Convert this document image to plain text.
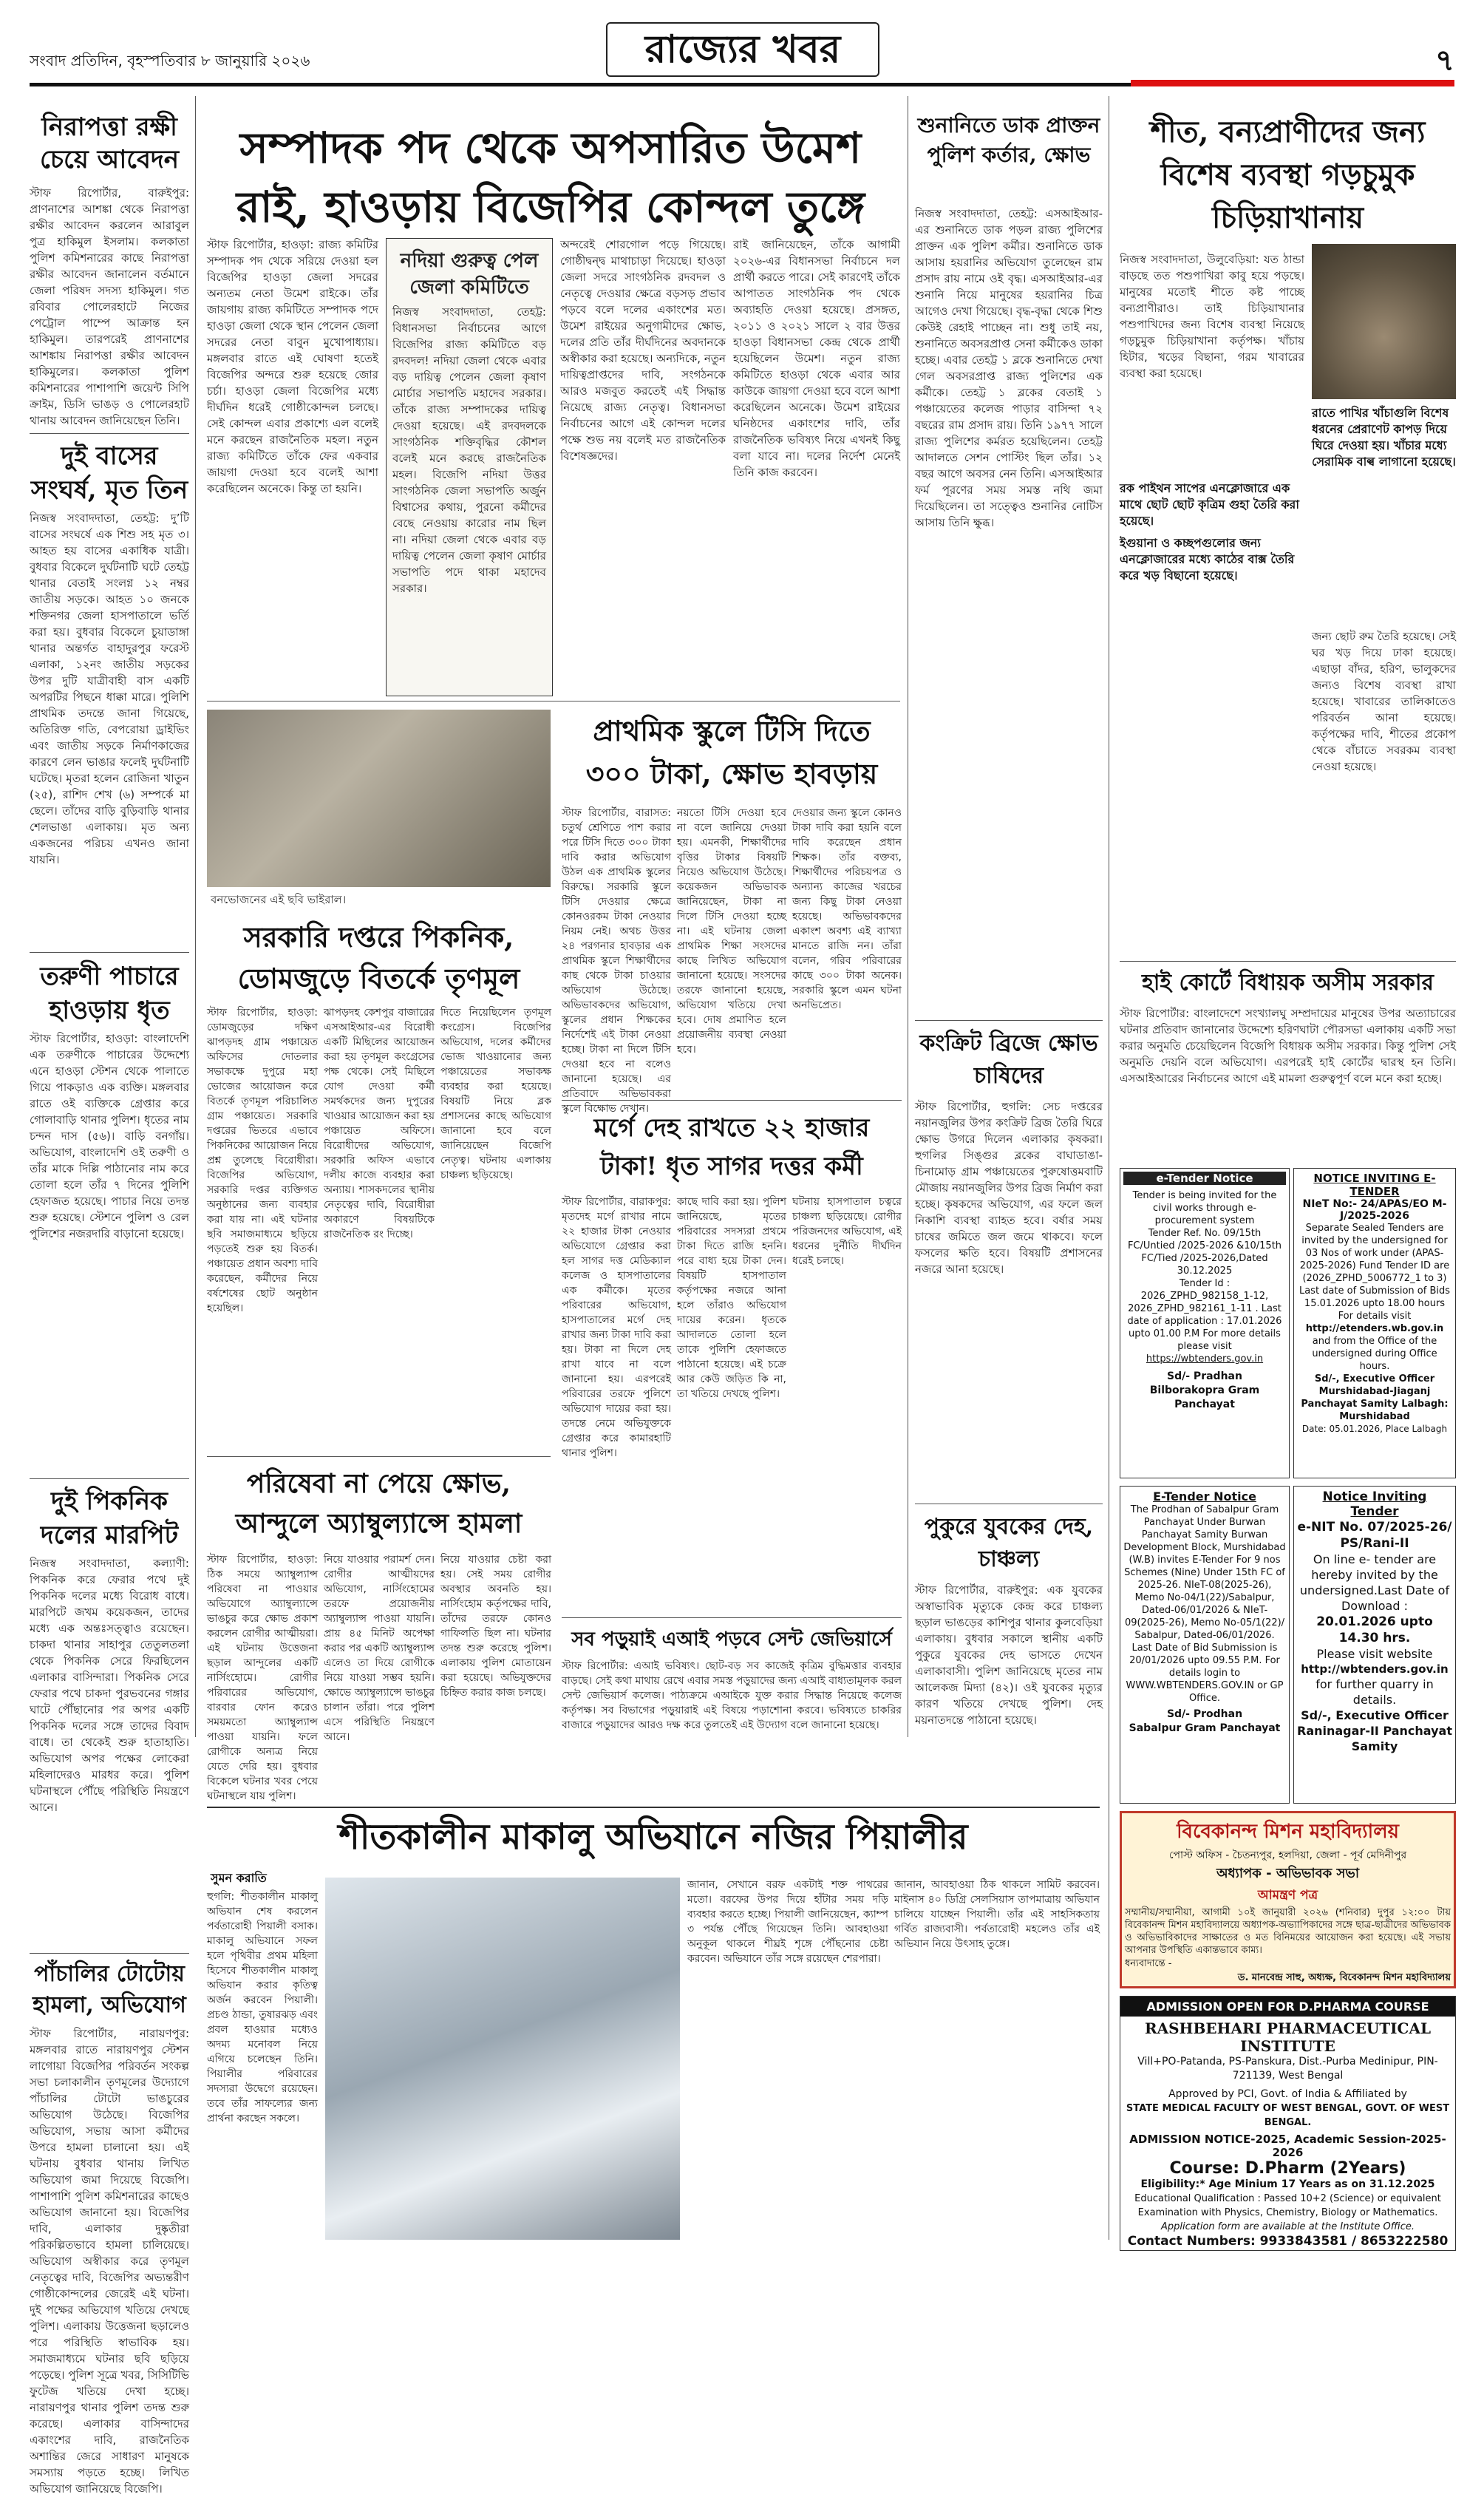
সংবাদ প্রতিদিন, বৃহস্পতিবার ৮ জানুয়ারি ২০২৬	রাজ্যের খবর	৭
নিরাপত্তা রক্ষী চেয়ে আবেদন
স্টাফ রিপোর্টার, বারুইপুর: প্রাণনাশের আশঙ্কা থেকে নিরাপত্তা রক্ষীর আবেদন করলেন আরাবুল পুত্র হাকিমুল ইসলাম। কলকাতা পুলিশ কমিশনারের কাছে নিরাপত্তা রক্ষীর আবেদন জানালেন বর্তমানে জেলা পরিষদ সদস্য হাকিমুল। গত রবিবার পোলেরহাটে নিজের পেট্রোল পাম্পে আক্রান্ত হন হাকিমুল। তারপরেই প্রাণনাশের আশঙ্কায় নিরাপত্তা রক্ষীর আবেদন হাকিমুলের। কলকাতা পুলিশ কমিশনারের পাশাপাশি জয়েন্ট সিপি ক্রাইম, ডিসি ভাঙড় ও পোলেরহাট থানায় আবেদন জানিয়েছেন তিনি।
দুই বাসের সংঘর্ষ, মৃত তিন
নিজস্ব সংবাদদাতা, তেহট্ট: দু’টি বাসের সংঘর্ষে এক শিশু সহ মৃত ৩। আহত হয় বাসের একাধিক যাত্রী। বুধবার বিকেলে দুর্ঘটনাটি ঘটে তেহট্ট থানার বেতাই সংলগ্ন ১২ নম্বর জাতীয় সড়কে। আহত ১০ জনকে শক্তিনগর জেলা হাসপাতালে ভর্তি করা হয়। বুধবার বিকেলে চুয়াডাঙ্গা থানার অন্তর্গত বাহাদুরপুর ফরেস্ট এলাকা, ১২নং জাতীয় সড়কের উপর দুটি যাত্রীবাহী বাস একটি অপরটির পিছনে ধাক্কা মারে। পুলিশি প্রাথমিক তদন্তে জানা গিয়েছে, অতিরিক্ত গতি, বেপরোয়া ড্রাইভিং এবং জাতীয় সড়কে নির্মাণকাজের কারণে লেন ভাঙার ফলেই দুর্ঘটনাটি ঘটেছে। মৃতরা হলেন রোজিনা খাতুন (২৫), রাশিদ শেখ (৬) সম্পর্কে মা ছেলে। তাঁদের বাড়ি বুড়িবাড়ি থানার শেলভাঙা এলাকায়। মৃত অন্য একজনের পরিচয় এখনও জানা যায়নি।
তরুণী পাচারে হাওড়ায় ধৃত
স্টাফ রিপোর্টার, হাওড়া: বাংলাদেশি এক তরুণীকে পাচারের উদ্দেশ্যে এনে হাওড়া স্টেশন থেকে পালাতে গিয়ে পাকড়াও এক ব্যক্তি। মঙ্গলবার রাতে ওই ব্যক্তিকে গ্রেপ্তার করে গোলাবাড়ি থানার পুলিশ। ধৃতের নাম চন্দন দাস (৫৬)। বাড়ি বনগাঁয়। অভিযোগ, বাংলাদেশি ওই তরুণী ও তাঁর মাকে দিল্লি পাঠানোর নাম করে তোলা হলে তাঁর ৭ দিনের পুলিশি হেফাজত হয়েছে। পাচার নিয়ে তদন্ত শুরু হয়েছে। স্টেশনে পুলিশ ও রেল পুলিশের নজরদারি বাড়ানো হয়েছে।
দুই পিকনিক দলের মারপিট
নিজস্ব সংবাদদাতা, কল্যাণী: পিকনিক করে ফেরার পথে দুই পিকনিক দলের মধ্যে বিরোধ বাধে। মারপিটে জখম কয়েকজন, তাদের মধ্যে এক অন্তঃসত্ত্বাও রয়েছেন। চাকদা থানার সাহাপুর তেতুলতলা থেকে পিকনিক সেরে ফিরছিলেন এলাকার বাসিন্দারা। পিকনিক সেরে ফেরার পথে চাকদা পুরভবনের গঙ্গার ঘাটে পৌঁছানোর পর অপর একটি পিকনিক দলের সঙ্গে তাদের বিবাদ বাধে। তা থেকেই শুরু হাতাহাতি। অভিযোগ অপর পক্ষের লোকেরা মহিলাদেরও মারধর করে। পুলিশ ঘটনাস্থলে পৌঁছে পরিস্থিতি নিয়ন্ত্রণে আনে।
পাঁচালির টোটোয় হামলা, অভিযোগ
স্টাফ রিপোর্টার, নারায়ণপুর: মঙ্গলবার রাতে নারায়ণপুর স্টেশন লাগোয়া বিজেপির পরিবর্তন সংকল্প সভা চলাকালীন তৃণমূলের উদ্যোগে পাঁচালির টোটো ভাঙচুরের অভিযোগ উঠেছে। বিজেপির অভিযোগ, সভায় আসা কর্মীদের উপরে হামলা চালানো হয়। এই ঘটনায় বুধবার থানায় লিখিত অভিযোগ জমা দিয়েছে বিজেপি। পাশাপাশি পুলিশ কমিশনারের কাছেও অভিযোগ জানানো হয়। বিজেপির দাবি, এলাকার দুষ্কৃতীরা পরিকল্পিতভাবে হামলা চালিয়েছে। অভিযোগ অস্বীকার করে তৃণমূল নেতৃত্বের দাবি, বিজেপির অভ্যন্তরীণ গোষ্ঠীকোন্দলের জেরেই এই ঘটনা। দুই পক্ষের অভিযোগ খতিয়ে দেখছে পুলিশ। এলাকায় উত্তেজনা ছড়ালেও পরে পরিস্থিতি স্বাভাবিক হয়। সমাজমাধ্যমে ঘটনার ছবি ছড়িয়ে পড়েছে। পুলিশ সূত্রে খবর, সিসিটিভি ফুটেজ খতিয়ে দেখা হচ্ছে। নারায়ণপুর থানার পুলিশ তদন্ত শুরু করেছে। এলাকার বাসিন্দাদের একাংশের দাবি, রাজনৈতিক অশান্তির জেরে সাধারণ মানুষকে সমস্যায় পড়তে হচ্ছে। লিখিত অভিযোগ জানিয়েছে বিজেপি।
সম্পাদক পদ থেকে অপসারিত উমেশ রাই, হাওড়ায় বিজেপির কোন্দল তুঙ্গে
স্টাফ রিপোর্টার, হাওড়া: রাজ্য কমিটির সম্পাদক পদ থেকে সরিয়ে দেওয়া হল বিজেপির হাওড়া জেলা সদরের অন্যতম নেতা উমেশ রাইকে। তাঁর জায়গায় রাজ্য কমিটিতে সম্পাদক পদে হাওড়া জেলা থেকে স্থান পেলেন জেলা সদরের নেতা বাবুন মুখোপাধ্যায়। মঙ্গলবার রাতে এই ঘোষণা হতেই বিজেপির অন্দরে শুরু হয়েছে জোর চর্চা। হাওড়া জেলা বিজেপির মধ্যে দীর্ঘদিন ধরেই গোষ্ঠীকোন্দল চলছে। সেই কোন্দল এবার প্রকাশ্যে এল বলেই মনে করছেন রাজনৈতিক মহল। নতুন রাজ্য কমিটিতে তাঁকে ফের একবার জায়গা দেওয়া হবে বলেই আশা করেছিলেন অনেকে। কিন্তু তা হয়নি।
নদিয়া গুরুত্ব পেল জেলা কমিটিতে
নিজস্ব সংবাদদাতা, তেহট্ট: বিধানসভা নির্বাচনের আগে বিজেপির রাজ্য কমিটিতে বড় রদবদল! নদিয়া জেলা থেকে এবার বড় দায়িত্ব পেলেন জেলা কৃষাণ মোর্চার সভাপতি মহাদেব সরকার। তাঁকে রাজ্য সম্পাদকের দায়িত্ব দেওয়া হয়েছে। এই রদবদলকে সাংগঠনিক শক্তিবৃদ্ধির কৌশল বলেই মনে করছে রাজনৈতিক মহল। বিজেপি নদিয়া উত্তর সাংগঠনিক জেলা সভাপতি অর্জুন বিশ্বাসের কথায়, পুরনো কর্মীদের বেছে নেওয়ায় কারোর নাম ছিল না। নদিয়া জেলা থেকে এবার বড় দায়িত্ব পেলেন জেলা কৃষাণ মোর্চার সভাপতি পদে থাকা মহাদেব সরকার।
অন্দরেই শোরগোল পড়ে গিয়েছে। গোষ্ঠীদ্বন্দ্ব মাথাচাড়া দিয়েছে। হাওড়া জেলা সদরে সাংগঠনিক রদবদল ও নেতৃত্বে দেওয়ার ক্ষেত্রে বড়সড় প্রভাব পড়বে বলে দলের একাংশের মত। উমেশ রাইয়ের অনুগামীদের ক্ষোভ, দলের প্রতি তাঁর দীর্ঘদিনের অবদানকে অস্বীকার করা হয়েছে। অন্যদিকে, নতুন দায়িত্বপ্রাপ্তদের দাবি, সংগঠনকে আরও মজবুত করতেই এই সিদ্ধান্ত নিয়েছে রাজ্য নেতৃত্ব। বিধানসভা নির্বাচনের আগে এই কোন্দল দলের পক্ষে শুভ নয় বলেই মত রাজনৈতিক বিশেষজ্ঞদের।
রাই জানিয়েছেন, তাঁকে আগামী ২০২৬-এর বিধানসভা নির্বাচনে দল প্রার্থী করতে পারে। সেই কারণেই তাঁকে আপাতত সাংগঠনিক পদ থেকে অব্যাহতি দেওয়া হয়েছে। প্রসঙ্গত, ২০১১ ও ২০২১ সালে ২ বার উত্তর হাওড়া বিধানসভা কেন্দ্র থেকে প্রার্থী হয়েছিলেন উমেশ। নতুন রাজ্য কমিটিতে হাওড়া থেকে এবার আর কাউকে জায়গা দেওয়া হবে বলে আশা করেছিলেন অনেকে। উমেশ রাইয়ের ঘনিষ্ঠদের একাংশের দাবি, তাঁর রাজনৈতিক ভবিষ্যৎ নিয়ে এখনই কিছু বলা যাবে না। দলের নির্দেশ মেনেই তিনি কাজ করবেন।
বনভোজনের এই ছবি ভাইরাল।
প্রাথমিক স্কুলে টিসি দিতে ৩০০ টাকা, ক্ষোভ হাবড়ায়
স্টাফ রিপোর্টার, বারাসত: চতুর্থ শ্রেণিতে পাশ করার পরে টিসি দিতে ৩০০ টাকা দাবি করার অভিযোগ উঠল এক প্রাথমিক স্কুলের বিরুদ্ধে। সরকারি স্কুলে টিসি দেওয়ার ক্ষেত্রে কোনওরকম টাকা নেওয়ার নিয়ম নেই। অথচ উত্তর ২৪ পরগনার হাবড়ার এক প্রাথমিক স্কুলে শিক্ষার্থীদের কাছ থেকে টাকা চাওয়ার অভিযোগ উঠেছে। অভিভাবকদের অভিযোগ, স্কুলের প্রধান শিক্ষকের নির্দেশেই এই টাকা নেওয়া হচ্ছে। টাকা না দিলে টিসি দেওয়া হবে না বলেও জানানো হয়েছে। এর প্রতিবাদে অভিভাবকরা স্কুলে বিক্ষোভ দেখান।
নয়তো টিসি দেওয়া হবে না বলে জানিয়ে দেওয়া হয়। এমনকী, শিক্ষার্থীদের বৃত্তির টাকার বিষয়টি নিয়েও অভিযোগ উঠেছে। কয়েকজন অভিভাবক জানিয়েছেন, টাকা না দিলে টিসি দেওয়া হচ্ছে না। এই ঘটনায় জেলা প্রাথমিক শিক্ষা সংসদের কাছে লিখিত অভিযোগ জানানো হয়েছে। সংসদের তরফে জানানো হয়েছে, অভিযোগ খতিয়ে দেখা হবে। দোষ প্রমাণিত হলে প্রয়োজনীয় ব্যবস্থা নেওয়া হবে।
দেওয়ার জন্য স্কুলে কোনও টাকা দাবি করা হয়নি বলে দাবি করেছেন প্রধান শিক্ষক। তাঁর বক্তব্য, শিক্ষার্থীদের পরিচয়পত্র ও অন্যান্য কাজের খরচের জন্য কিছু টাকা নেওয়া হয়েছে। অভিভাবকদের একাংশ অবশ্য এই ব্যাখ্যা মানতে রাজি নন। তাঁরা বলেন, গরিব পরিবারের কাছে ৩০০ টাকা অনেক। সরকারি স্কুলে এমন ঘটনা অনভিপ্রেত।
সরকারি দপ্তরে পিকনিক, ডোমজুড়ে বিতর্কে তৃণমূল
স্টাফ রিপোর্টার, হাওড়া: ডোমজুড়ের দক্ষিণ ঝাপড়দহ গ্রাম পঞ্চায়েত অফিসের দোতলার সভাকক্ষে দুপুরে মহা ভোজের আয়োজন করে বিতর্কে তৃণমূল পরিচালিত গ্রাম পঞ্চায়েত। সরকারি দপ্তরের ভিতরে এভাবে পিকনিকের আয়োজন নিয়ে প্রশ্ন তুলেছে বিরোধীরা। বিজেপির অভিযোগ, সরকারি দপ্তর ব্যক্তিগত অনুষ্ঠানের জন্য ব্যবহার করা যায় না। এই ঘটনার ছবি সমাজমাধ্যমে ছড়িয়ে পড়তেই শুরু হয় বিতর্ক। পঞ্চায়েত প্রধান অবশ্য দাবি করেছেন, কর্মীদের নিয়ে বর্ষশেষের ছোট অনুষ্ঠান হয়েছিল।
ঝাপড়দহ কেশপুর বাজারের এসআইআর-এর বিরোধী একটি মিছিলের আয়োজন করা হয় তৃণমূল কংগ্রেসের পক্ষ থেকে। সেই মিছিলে যোগ দেওয়া কর্মী সমর্থকদের জন্য দুপুরের খাওয়ার আয়োজন করা হয় পঞ্চায়েত অফিসে। বিরোধীদের অভিযোগ, সরকারি অফিস এভাবে দলীয় কাজে ব্যবহার করা অন্যায়। শাসকদলের স্থানীয় নেতৃত্বের দাবি, বিরোধীরা অকারণে বিষয়টিকে রাজনৈতিক রং দিচ্ছে।
দিতে নিয়েছিলেন তৃণমূল কংগ্রেস। বিজেপির অভিযোগ, দলের কর্মীদের ভোজ খাওয়ানোর জন্য পঞ্চায়েতের সভাকক্ষ ব্যবহার করা হয়েছে। বিষয়টি নিয়ে ব্লক প্রশাসনের কাছে অভিযোগ জানানো হবে বলে জানিয়েছেন বিজেপি নেতৃত্ব। ঘটনায় এলাকায় চাঞ্চল্য ছড়িয়েছে।
মর্গে দেহ রাখতে ২২ হাজার টাকা! ধৃত সাগর দত্তর কর্মী
স্টাফ রিপোর্টার, বারাকপুর: মৃতদেহ মর্গে রাখার নামে ২২ হাজার টাকা নেওয়ার অভিযোগে গ্রেপ্তার করা হল সাগর দত্ত মেডিক্যাল কলেজ ও হাসপাতালের এক কর্মীকে। মৃতের পরিবারের অভিযোগ, হাসপাতালের মর্গে দেহ রাখার জন্য টাকা দাবি করা হয়। টাকা না দিলে দেহ রাখা যাবে না বলে জানানো হয়। এরপরেই পরিবারের তরফে পুলিশে অভিযোগ দায়ের করা হয়। তদন্তে নেমে অভিযুক্তকে গ্রেপ্তার করে কামারহাটি থানার পুলিশ।
কাছে দাবি করা হয়। পুলিশ জানিয়েছে, মৃতের পরিবারের সদস্যরা প্রথমে টাকা দিতে রাজি হননি। পরে বাধ্য হয়ে টাকা দেন। বিষয়টি হাসপাতাল কর্তৃপক্ষের নজরে আনা হলে তাঁরাও অভিযোগ দায়ের করেন। ধৃতকে আদালতে তোলা হলে তাকে পুলিশি হেফাজতে পাঠানো হয়েছে। এই চক্রে আর কেউ জড়িত কি না, তা খতিয়ে দেখছে পুলিশ।
ঘটনায় হাসপাতাল চত্বরে চাঞ্চল্য ছড়িয়েছে। রোগীর পরিজনদের অভিযোগ, এই ধরনের দুর্নীতি দীর্ঘদিন ধরেই চলছে।
পরিষেবা না পেয়ে ক্ষোভ, আন্দুলে অ্যাম্বুল্যান্সে হামলা
স্টাফ রিপোর্টার, হাওড়া: ঠিক সময়ে অ্যাম্বুল্যান্স পরিষেবা না পাওয়ার অভিযোগে অ্যাম্বুল্যান্সে ভাঙচুর করে ক্ষোভ প্রকাশ করলেন রোগীর আত্মীয়রা। এই ঘটনায় উত্তেজনা ছড়াল আন্দুলের একটি নার্সিংহোমে। রোগীর পরিবারের অভিযোগ, বারবার ফোন করেও সময়মতো অ্যাম্বুল্যান্স পাওয়া যায়নি। ফলে রোগীকে অন্যত্র নিয়ে যেতে দেরি হয়। বুধবার বিকেলে ঘটনার খবর পেয়ে ঘটনাস্থলে যায় পুলিশ।
নিয়ে যাওয়ার পরামর্শ দেন। রোগীর আত্মীয়দের অভিযোগ, নার্সিংহোমের তরফে প্রয়োজনীয় অ্যাম্বুল্যান্স পাওয়া যায়নি। প্রায় ৪৫ মিনিট অপেক্ষা করার পর একটি অ্যাম্বুল্যান্স এলেও তা দিয়ে রোগীকে নিয়ে যাওয়া সম্ভব হয়নি। ক্ষোভে অ্যাম্বুল্যান্সে ভাঙচুর চালান তাঁরা। পরে পুলিশ এসে পরিস্থিতি নিয়ন্ত্রণে আনে।
নিয়ে যাওয়ার চেষ্টা করা হয়। সেই সময় রোগীর অবস্থার অবনতি হয়। নার্সিংহোম কর্তৃপক্ষের দাবি, তাঁদের তরফে কোনও গাফিলতি ছিল না। ঘটনার তদন্ত শুরু করেছে পুলিশ। এলাকায় পুলিশ মোতায়েন করা হয়েছে। অভিযুক্তদের চিহ্নিত করার কাজ চলছে।
সব পড়ুয়াই এআই পড়বে সেন্ট জেভিয়ার্সে
স্টাফ রিপোর্টার: এআই ভবিষ্যৎ। ছোট-বড় সব কাজেই কৃত্রিম বুদ্ধিমত্তার ব্যবহার বাড়ছে। সেই কথা মাথায় রেখে এবার সমস্ত পড়ুয়াদের জন্য এআই বাধ্যতামূলক করল সেন্ট জেভিয়ার্স কলেজ। পাঠ্যক্রমে এআইকে যুক্ত করার সিদ্ধান্ত নিয়েছে কলেজ কর্তৃপক্ষ। সব বিভাগের পড়ুয়ারাই এই বিষয়ে পড়াশোনা করবে। ভবিষ্যতে চাকরির বাজারে পড়ুয়াদের আরও দক্ষ করে তুলতেই এই উদ্যোগ বলে জানানো হয়েছে।
শীতকালীন মাকালু অভিযানে নজির পিয়ালীর
সুমন করাতি
হুগলি: শীতকালীন মাকালু অভিযান শেষ করলেন পর্বতারোহী পিয়ালী বসাক। মাকালু অভিযানে সফল হলে পৃথিবীর প্রথম মহিলা হিসেবে শীতকালীন মাকালু অভিযান করার কৃতিত্ব অর্জন করবেন পিয়ালী। প্রচণ্ড ঠান্ডা, তুষারঝড় এবং প্রবল হাওয়ার মধ্যেও অদম্য মনোবল নিয়ে এগিয়ে চলেছেন তিনি। পিয়ালীর পরিবারের সদস্যরা উদ্বেগে রয়েছেন। তবে তাঁর সাফল্যের জন্য প্রার্থনা করছেন সকলে।
জানান, সেখানে বরফ একটাই শক্ত পাথরের মতো। বরফের উপর দিয়ে হাঁটার সময় দড়ি ব্যবহার করতে হচ্ছে। পিয়ালী জানিয়েছেন, ক্যাম্প ৩ পর্যন্ত পৌঁছে গিয়েছেন তিনি। আবহাওয়া অনুকূল থাকলে শীঘ্রই শৃঙ্গে পৌঁছনোর চেষ্টা করবেন। অভিযানে তাঁর সঙ্গে রয়েছেন শেরপারা।
জানান, আবহাওয়া ঠিক থাকলে সামিট করবেন। মাইনাস ৪০ ডিগ্রি সেলসিয়াস তাপমাত্রায় অভিযান চালিয়ে যাচ্ছেন পিয়ালী। তাঁর এই সাহসিকতায় গর্বিত রাজ্যবাসী। পর্বতারোহী মহলেও তাঁর এই অভিযান নিয়ে উৎসাহ তুঙ্গে।
শুনানিতে ডাক প্রাক্তন পুলিশ কর্তার, ক্ষোভ
নিজস্ব সংবাদদাতা, তেহট্ট: এসআইআর-এর শুনানিতে ডাক পড়ল রাজ্য পুলিশের প্রাক্তন এক পুলিশ কর্মীর। শুনানিতে ডাক আসায় হয়রানির অভিযোগ তুলেছেন রাম প্রসাদ রায় নামে ওই বৃদ্ধ। এসআইআর-এর শুনানি নিয়ে মানুষের হয়রানির চিত্র আগেও দেখা গিয়েছে। বৃদ্ধ-বৃদ্ধা থেকে শিশু কেউই রেহাই পাচ্ছেন না। শুধু তাই নয়, শুনানিতে অবসরপ্রাপ্ত সেনা কর্মীকেও ডাকা হচ্ছে। এবার তেহট্ট ১ ব্লকে শুনানিতে দেখা গেল অবসরপ্রাপ্ত রাজ্য পুলিশের এক কর্মীকে। তেহট্ট ১ ব্লকের বেতাই ১ পঞ্চায়েতের কলেজ পাড়ার বাসিন্দা ৭২ বছরের রাম প্রসাদ রায়। তিনি ১৯৭৭ সালে রাজ্য পুলিশের কর্মরত হয়েছিলেন। তেহট্ট আদালতে সেশন পোস্টিং ছিল তাঁর। ১২ বছর আগে অবসর নেন তিনি। এসআইআর ফর্ম পূরণের সময় সমস্ত নথি জমা দিয়েছিলেন। তা সত্ত্বেও শুনানির নোটিস আসায় তিনি ক্ষুব্ধ।
কংক্রিট ব্রিজে ক্ষোভ চাষিদের
স্টাফ রিপোর্টার, হুগলি: সেচ দপ্তরের নয়ানজুলির উপর কংক্রিট ব্রিজ তৈরি ঘিরে ক্ষোভ উগরে দিলেন এলাকার কৃষকরা। হুগলির সিঙ্গুর ব্লকের বাঘাডাঙা-চিনামোড় গ্রাম পঞ্চায়েতের পুরুষোত্তমবাটি মৌজায় নয়ানজুলির উপর ব্রিজ নির্মাণ করা হচ্ছে। কৃষকদের অভিযোগ, এর ফলে জল নিকাশি ব্যবস্থা ব্যাহত হবে। বর্ষার সময় চাষের জমিতে জল জমে থাকবে। ফলে ফসলের ক্ষতি হবে। বিষয়টি প্রশাসনের নজরে আনা হয়েছে।
পুকুরে যুবকের দেহ, চাঞ্চল্য
স্টাফ রিপোর্টার, বারুইপুর: এক যুবকের অস্বাভাবিক মৃত্যুকে কেন্দ্র করে চাঞ্চল্য ছড়াল ভাঙড়ের কাশিপুর থানার কুলবেড়িয়া এলাকায়। বুধবার সকালে স্থানীয় একটি পুকুরে যুবকের দেহ ভাসতে দেখেন এলাকাবাসী। পুলিশ জানিয়েছে মৃতের নাম আলেকজ মিদ্যা (৪২)। ওই যুবকের মৃত্যুর কারণ খতিয়ে দেখছে পুলিশ। দেহ ময়নাতদন্তে পাঠানো হয়েছে।
শীত, বন্যপ্রাণীদের জন্য বিশেষ ব্যবস্থা গড়চুমুক চিড়িয়াখানায়
নিজস্ব সংবাদদাতা, উলুবেড়িয়া: যত ঠান্ডা বাড়ছে তত পশুপাখিরা কাবু হয়ে পড়ছে। মানুষের মতোই শীতে কষ্ট পাচ্ছে বন্যপ্রাণীরাও। তাই চিড়িয়াখানার পশুপাখিদের জন্য বিশেষ ব্যবস্থা নিয়েছে গড়চুমুক চিড়িয়াখানা কর্তৃপক্ষ। খাঁচায় হিটার, খড়ের বিছানা, গরম খাবারের ব্যবস্থা করা হয়েছে।
রাতে পাখির খাঁচাগুলি বিশেষ ধরনের প্রেরাণেট কাপড় দিয়ে ঘিরে দেওয়া হয়। খাঁচার মধ্যে সেরামিক বাল্ব লাগানো হয়েছে।
রক পাইথন সাপের এনক্লোজারে এক মাথে ছোট ছোট কৃত্রিম গুহা তৈরি করা হয়েছে।
ইগুয়ানা ও কচ্ছপগুলোর জন্য এনক্লোজারের মধ্যে কাঠের বাক্স তৈরি করে খড় বিছানো হয়েছে।
জন্য ছোট রুম তৈরি হয়েছে। সেই ঘর খড় দিয়ে ঢাকা হয়েছে। এছাড়া বাঁদর, হরিণ, ভালুকদের জন্যও বিশেষ ব্যবস্থা রাখা হয়েছে। খাবারের তালিকাতেও পরিবর্তন আনা হয়েছে। কর্তৃপক্ষের দাবি, শীতের প্রকোপ থেকে বাঁচাতে সবরকম ব্যবস্থা নেওয়া হয়েছে।
হাই কোর্টে বিধায়ক অসীম সরকার
স্টাফ রিপোর্টার: বাংলাদেশে সংখ্যালঘু সম্প্রদায়ের মানুষের উপর অত্যাচারের ঘটনার প্রতিবাদ জানানোর উদ্দেশ্যে হরিণঘাটা পৌরসভা এলাকায় একটি সভা করার অনুমতি চেয়েছিলেন বিজেপি বিধায়ক অসীম সরকার। কিন্তু পুলিশ সেই অনুমতি দেয়নি বলে অভিযোগ। এরপরেই হাই কোর্টের দ্বারস্থ হন তিনি। এসআইআরের নির্বাচনের আগে এই মামলা গুরুত্বপূর্ণ বলে মনে করা হচ্ছে।
e-Tender Notice
Tender is being invited for the civil works through e-procurement system
Tender Ref. No. 09/15th FC/Untied /2025-2026 &10/15th FC/Tied /2025-2026,Dated 30.12.2025
Tender Id : 2026_ZPHD_982158_1-12, 2026_ZPHD_982161_1-11 . Last date of application : 17.01.2026 upto 01.00 P.M For more details please visit
https://wbtenders.gov.in
Sd/- Pradhan
Bilborakopra Gram Panchayat
NOTICE INVITING E-TENDER
NIeT No:- 24/APAS/EO M-J/2025-2026
Separate Sealed Tenders are invited by the undersigned for 03 Nos of work under (APAS-2025-2026) Fund Tender ID are (2026_ZPHD_5006772_1 to 3) Last date of Submission of Bids 15.01.2026 upto 18.00 hours For details visit
http://etenders.wb.gov.in
and from the Office of the undersigned during Office hours.
Sd/-, Executive Officer Murshidabad-Jiaganj Panchayat Samity Lalbagh: Murshidabad
Date: 05.01.2026, Place Lalbagh
E-Tender Notice
The Prodhan of Sabalpur Gram Panchayat Under Burwan Panchayat Samity Burwan Development Block, Murshidabad (W.B) invites E-Tender For 9 nos Schemes (Nine) Under 15th FC of 2025-26. NIeT-08(2025-26), Memo No-04/1(22)/Sabalpur, Dated-06/01/2026 & NIeT-09(2025-26), Memo No-05/1(22)/ Sabalpur, Dated-06/01/2026. Last Date of Bid Submission is 20/01/2026 upto 09.55 P.M. For details login to WWW.WBTENDERS.GOV.IN or GP Office.
Sd/- Prodhan
Sabalpur Gram Panchayat
Notice Inviting Tender
e-NIT No. 07/2025-26/ PS/Rani-II
On line e- tender are hereby invited by the undersigned.Last Date of Download :
20.01.2026 upto 14.30 hrs.
Please visit website
http://wbtenders.gov.in
for further quarry in details.
Sd/-, Executive Officer Raninagar-II Panchayat Samity
বিবেকানন্দ মিশন মহাবিদ্যালয়
পোস্ট অফিস - চৈতন্যপুর, হলদিয়া, জেলা - পূর্ব মেদিনীপুর
অধ্যাপক - অভিভাবক সভা
আমন্ত্রণ পত্র
সম্মানীয়/সম্মানীয়া, আগামী ১০ই জানুয়ারী ২০২৬ (শনিবার) দুপুর ১২:০০ টায় বিবেকানন্দ মিশন মহাবিদ্যালয়ে অধ্যাপক-অভ্যাপিকাদের সঙ্গে ছাত্র-ছাত্রীদের অভিভাবক ও অভিভাবিকাদের সাক্ষাতের ও মত বিনিময়ের আয়োজন করা হয়েছে। এই সভায় আপনার উপস্থিতি একান্তভাবে কাম্য।
ধন্যবাদান্তে -
ড. মানবেন্দ্র সাহু, অধ্যক্ষ, বিবেকানন্দ মিশন মহাবিদ্যালয়
ADMISSION OPEN FOR D.PHARMA COURSE
RASHBEHARI PHARMACEUTICAL INSTITUTE
Vill+PO-Patanda, PS-Panskura, Dist.-Purba Medinipur, PIN-721139, West Bengal
Approved by PCI, Govt. of India & Affiliated by
STATE MEDICAL FACULTY OF WEST BENGAL, GOVT. OF WEST BENGAL.
ADMISSION NOTICE-2025, Academic Session-2025-2026
Course: D.Pharm (2Years)
Eligibility:* Age Minium 17 Years as on 31.12.2025
Educational Qualification : Passed 10+2 (Science) or equivalent Examination with Physics, Chemistry, Biology or Mathematics.
Application form are available at the Institute Office.
Contact Numbers: 9933843581 / 8653222580
